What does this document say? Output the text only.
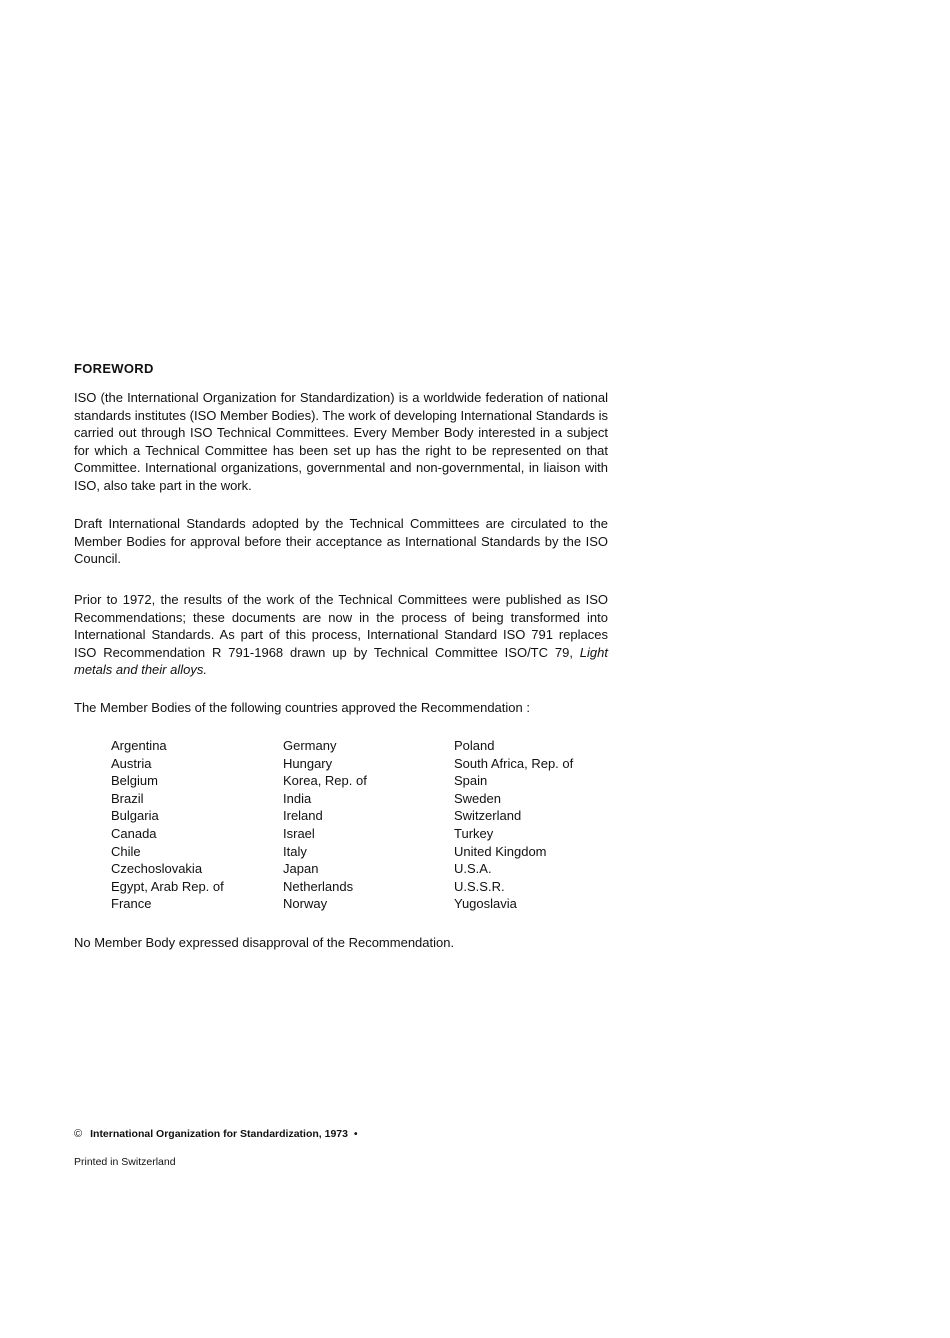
FOREWORD
ISO (the International Organization for Standardization) is a worldwide federation of national standards institutes (ISO Member Bodies). The work of developing International Standards is carried out through ISO Technical Committees. Every Member Body interested in a subject for which a Technical Committee has been set up has the right to be represented on that Committee. International organizations, governmental and non-governmental, in liaison with ISO, also take part in the work.
Draft International Standards adopted by the Technical Committees are circulated to the Member Bodies for approval before their acceptance as International Standards by the ISO Council.
Prior to 1972, the results of the work of the Technical Committees were published as ISO Recommendations; these documents are now in the process of being transformed into International Standards. As part of this process, International Standard ISO 791 replaces ISO Recommendation R 791-1968 drawn up by Technical Committee ISO/TC 79, Light metals and their alloys.
The Member Bodies of the following countries approved the Recommendation :
Argentina
Austria
Belgium
Brazil
Bulgaria
Canada
Chile
Czechoslovakia
Egypt, Arab Rep. of
France
Germany
Hungary
Korea, Rep. of
India
Ireland
Israel
Italy
Japan
Netherlands
Norway
Poland
South Africa, Rep. of
Spain
Sweden
Switzerland
Turkey
United Kingdom
U.S.A.
U.S.S.R.
Yugoslavia
No Member Body expressed disapproval of the Recommendation.
© International Organization for Standardization, 1973 •
Printed in Switzerland
